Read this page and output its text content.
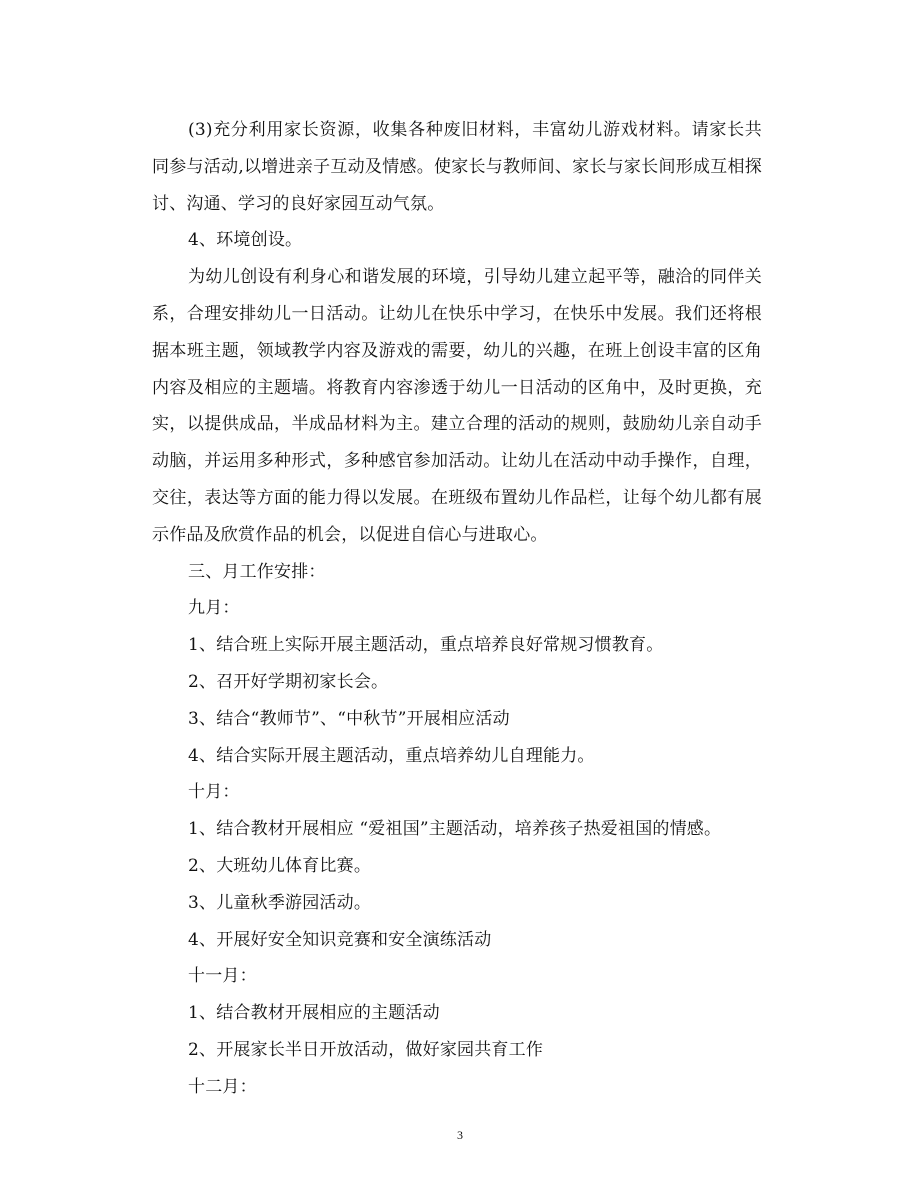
(3)充分利用家长资源，收集各种废旧材料，丰富幼儿游戏材料。请家长共同参与活动,以增进亲子互动及情感。使家长与教师间、家长与家长间形成互相探讨、沟通、学习的良好家园互动气氛。

4、环境创设。

为幼儿创设有利身心和谐发展的环境，引导幼儿建立起平等，融洽的同伴关系，合理安排幼儿一日活动。让幼儿在快乐中学习，在快乐中发展。我们还将根据本班主题，领域教学内容及游戏的需要，幼儿的兴趣，在班上创设丰富的区角内容及相应的主题墙。将教育内容渗透于幼儿一日活动的区角中，及时更换，充实，以提供成品，半成品材料为主。建立合理的活动的规则，鼓励幼儿亲自动手动脑，并运用多种形式，多种感官参加活动。让幼儿在活动中动手操作，自理，交往，表达等方面的能力得以发展。在班级布置幼儿作品栏，让每个幼儿都有展示作品及欣赏作品的机会，以促进自信心与进取心。

三、月工作安排：

九月：

1、结合班上实际开展主题活动，重点培养良好常规习惯教育。

2、召开好学期初家长会。

3、结合“教师节”、“中秋节”开展相应活动

4、结合实际开展主题活动，重点培养幼儿自理能力。

十月：

1、结合教材开展相应 “爱祖国”主题活动，培养孩子热爱祖国的情感。

2、大班幼儿体育比赛。

3、儿童秋季游园活动。

4、开展好安全知识竞赛和安全演练活动

十一月：

1、结合教材开展相应的主题活动

2、开展家长半日开放活动，做好家园共育工作

十二月：

3
